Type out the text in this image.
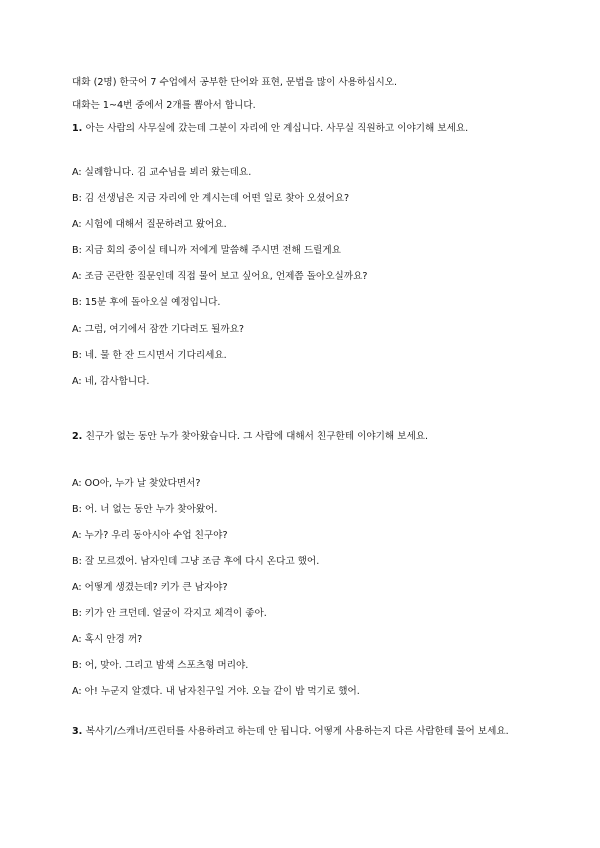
대화 (2명) 한국어 7 수업에서 공부한 단어와 표현, 문법을 많이 사용하십시오.
대화는 1~4번 중에서 2개를 뽑아서 합니다.
1. 아는 사람의 사무실에 갔는데 그분이 자리에 안 계십니다. 사무실 직원하고 이야기해 보세요.
A: 실례합니다. 김 교수님을 뵈러 왔는데요.
B: 김 선생님은 지금 자리에 안 계시는데 어떤 일로 찾아 오셨어요?
A: 시험에 대해서 질문하려고 왔어요.
B: 지금 회의 중이실 테니까 저에게 말씀해 주시면 전해 드릴게요
A: 조금 곤란한 질문인데 직접 물어 보고 싶어요, 언제쯤 돌아오실까요?
B: 15분 후에 돌아오실 예정입니다.
A: 그럼, 여기에서 잠깐 기다려도 될까요?
B: 네. 물 한 잔 드시면서 기다리세요.
A: 네, 감사합니다.
2. 친구가 없는 동안 누가 찾아왔습니다. 그 사람에 대해서 친구한테 이야기해 보세요.
A: OO아, 누가 날 찾았다면서?
B: 어. 너 없는 동안 누가 찾아왔어.
A: 누가? 우리 동아시아 수업 친구야?
B: 잘 모르겠어. 남자인데 그냥 조금 후에 다시 온다고 했어.
A: 어떻게 생겼는데? 키가 큰 남자야?
B: 키가 안 크던데. 얼굴이 각지고 체격이 좋아.
A: 혹시 안경 꺼?
B: 어, 맞아. 그리고 밤색 스포츠형 머리야.
A: 아! 누군지 알겠다. 내 남자친구일 거야. 오늘 같이 밥 먹기로 했어.
3. 복사기/스캐너/프린터를 사용하려고 하는데 안 됩니다. 어떻게 사용하는지 다른 사람한테 물어 보세요.
